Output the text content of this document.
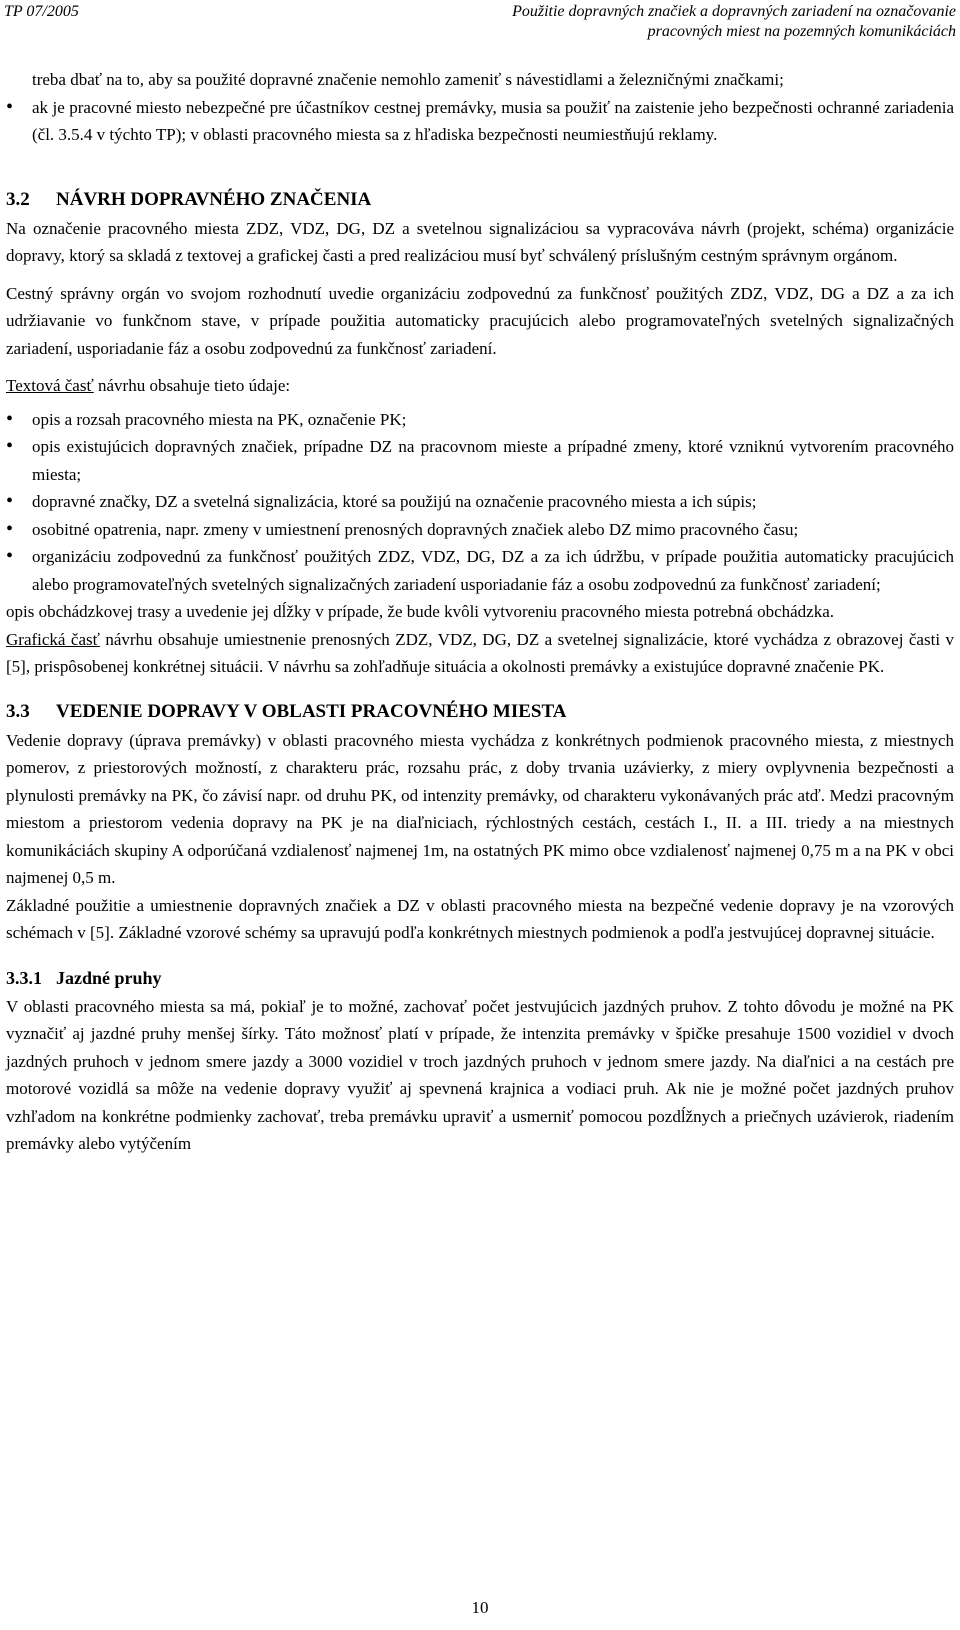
TP 07/2005	Použitie dopravných značiek a dopravných zariadení na označovanie
pracovných miest na pozemných komunikáciách

treba dbať na to, aby sa použité dopravné značenie nemohlo zameniť s návestidlami a železničnými značkami;

• ak je pracovné miesto nebezpečné pre účastníkov cestnej premávky, musia sa použiť na zaistenie jeho bezpečnosti ochranné zariadenia (čl. 3.5.4 v týchto TP); v oblasti pracovného miesta sa z hľadiska bezpečnosti neumiestňujú reklamy.
3.2 NÁVRH DOPRAVNÉHO ZNAČENIA

Na označenie pracovného miesta ZDZ, VDZ, DG, DZ a svetelnou signalizáciou sa vypracováva návrh (projekt, schéma) organizácie dopravy, ktorý sa skladá z textovej a grafickej časti a pred realizáciou musí byť schválený príslušným cestným správnym orgánom.

Cestný správny orgán vo svojom rozhodnutí uvedie organizáciu zodpovednú za funkčnosť použitých ZDZ, VDZ, DG a DZ a za ich udržiavanie vo funkčnom stave, v prípade použitia automaticky pracujúcich alebo programovateľných svetelných signalizačných zariadení, usporiadanie fáz a osobu zodpovednú za funkčnosť zariadení.

Textová časť návrhu obsahuje tieto údaje:

• opis a rozsah pracovného miesta na PK, označenie PK;
• opis existujúcich dopravných značiek, prípadne DZ na pracovnom mieste a prípadné zmeny, ktoré vzniknú vytvorením pracovného miesta;
• dopravné značky, DZ a svetelná signalizácia, ktoré sa použijú na označenie pracovného miesta a ich súpis;
• osobitné opatrenia, napr. zmeny v umiestnení prenosných dopravných značiek alebo DZ mimo pracovného času;
• organizáciu zodpovednú za funkčnosť použitých ZDZ, VDZ, DG, DZ a za ich údržbu, v prípade použitia automaticky pracujúcich alebo programovateľných svetelných signalizačných zariadení usporiadanie fáz a osobu zodpovednú za funkčnosť zariadení;

opis obchádzkovej trasy a uvedenie jej dĺžky v prípade, že bude kvôli vytvoreniu pracovného miesta potrebná obchádzka.

Grafická časť návrhu obsahuje umiestnenie prenosných ZDZ, VDZ, DG, DZ a svetelnej signalizácie, ktoré vychádza z obrazovej časti v [5], prispôsobenej konkrétnej situácii. V návrhu sa zohľadňuje situácia a okolnosti premávky a existujúce dopravné značenie PK.

3.3 VEDENIE DOPRAVY V OBLASTI PRACOVNÉHO MIESTA

Vedenie dopravy (úprava premávky) v oblasti pracovného miesta vychádza z konkrétnych podmienok pracovného miesta, z miestnych pomerov, z priestorových možností, z charakteru prác, rozsahu prác, z doby trvania uzávierky, z miery ovplyvnenia bezpečnosti a plynulosti premávky na PK, čo závisí napr. od druhu PK, od intenzity premávky, od charakteru vykonávaných prác atď. Medzi pracovným miestom a priestorom vedenia dopravy na PK je na diaľniciach, rýchlostných cestách, cestách I., II. a III. triedy a na miestnych komunikáciách skupiny A odporúčaná vzdialenosť najmenej 1m, na ostatných PK mimo obce vzdialenosť najmenej 0,75 m a na PK v obci najmenej 0,5 m.

Základné použitie a umiestnenie dopravných značiek a DZ v oblasti pracovného miesta na bezpečné vedenie dopravy je na vzorových schémach v [5]. Základné vzorové schémy sa upravujú podľa konkrétnych miestnych podmienok a podľa jestvujúcej dopravnej situácie.

3.3.1 Jazdné pruhy

V oblasti pracovného miesta sa má, pokiaľ je to možné, zachovať počet jestvujúcich jazdných pruhov. Z tohto dôvodu je možné na PK vyznačiť aj jazdné pruhy menšej šírky. Táto možnosť platí v prípade, že intenzita premávky v špičke presahuje 1500 vozidiel v dvoch jazdných pruhoch v jednom smere jazdy a 3000 vozidiel v troch jazdných pruhoch v jednom smere jazdy. Na diaľnici a na cestách pre motorové vozidlá sa môže na vedenie dopravy využiť aj spevnená krajnica a vodiaci pruh. Ak nie je možné počet jazdných pruhov vzhľadom na konkrétne podmienky zachovať, treba premávku upraviť a usmerniť pomocou pozdĺžnych a priečnych uzávierok, riadením premávky alebo vytýčením

10
